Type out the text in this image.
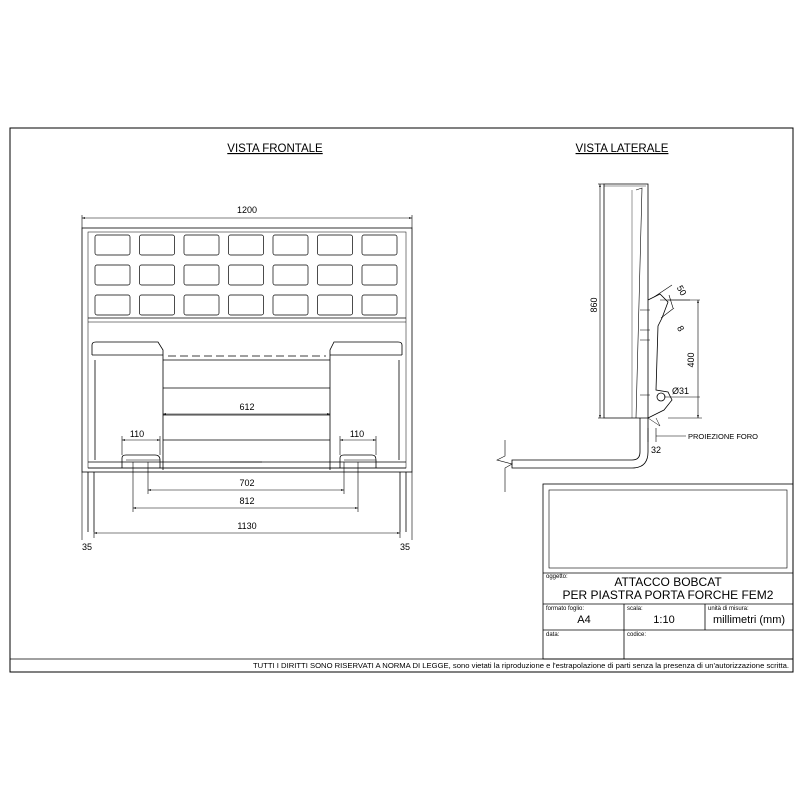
VISTA FRONTALE
1200
612
110	110
702
812
1130
35	35
VISTA LATERALE
860
50
8
400
Ø31
32
PROIEZIONE FORO
oggetto:	ATTACCO BOBCAT
PER PIASTRA PORTA FORCHE FEM2
formato foglio:
A4
scala:
1:10
unità di misura:
millimetri (mm)
data:	codice:
TUTTI I DIRITTI SONO RISERVATI A NORMA DI LEGGE, sono vietati la riproduzione e l'estrapolazione di parti senza la presenza di un'autorizzazione scritta.
